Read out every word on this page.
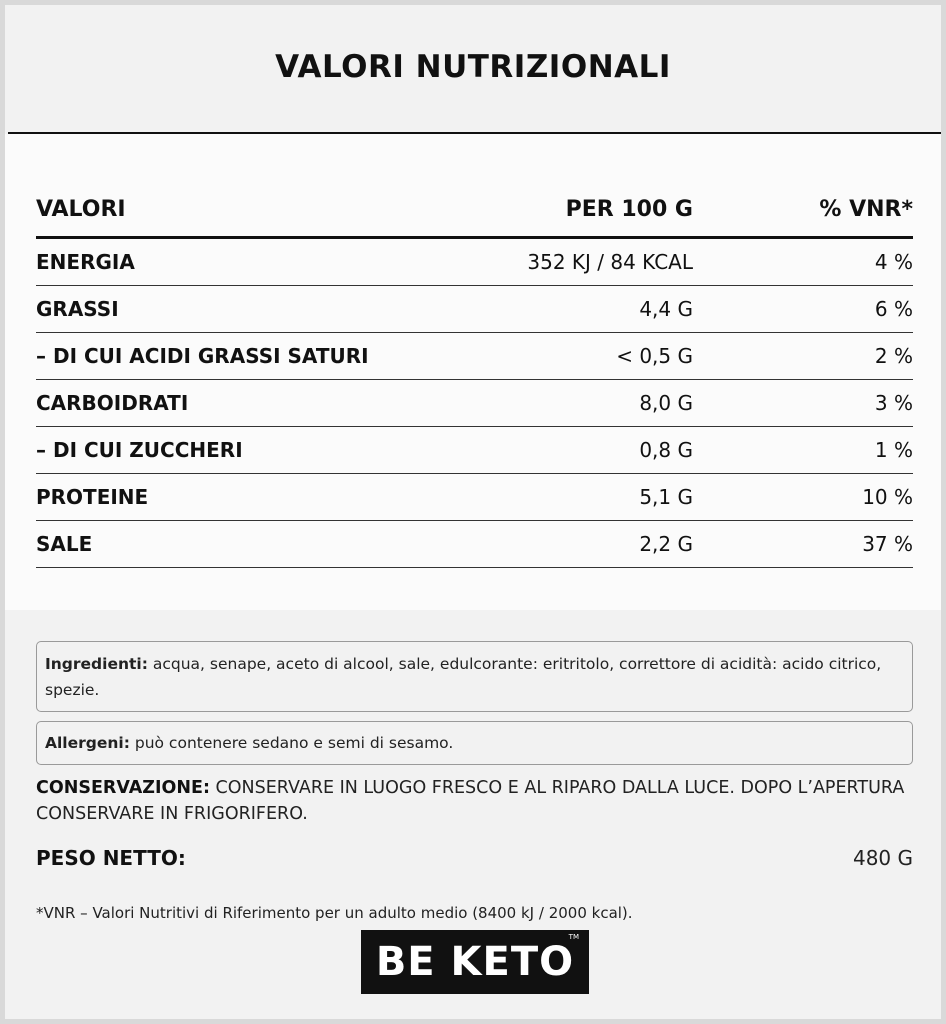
VALORI NUTRIZIONALI
VALORI	PER 100 G	% VNR*
ENERGIA	352 KJ / 84 KCAL	4 %
GRASSI	4,4 G	6 %
– DI CUI ACIDI GRASSI SATURI	< 0,5 G	2 %
CARBOIDRATI	8,0 G	3 %
– DI CUI ZUCCHERI	0,8 G	1 %
PROTEINE	5,1 G	10 %
SALE	2,2 G	37 %
Ingredienti: acqua, senape, aceto di alcool, sale, edulcorante: eritritolo, correttore di acidità: acido citrico, spezie.
Allergeni: può contenere sedano e semi di sesamo.
CONSERVAZIONE: CONSERVARE IN LUOGO FRESCO E AL RIPARO DALLA LUCE. DOPO L’APERTURA CONSERVARE IN FRIGORIFERO.
PESO NETTO:	480 G
*VNR – Valori Nutritivi di Riferimento per un adulto medio (8400 kJ / 2000 kcal).
BE KETO
TM
